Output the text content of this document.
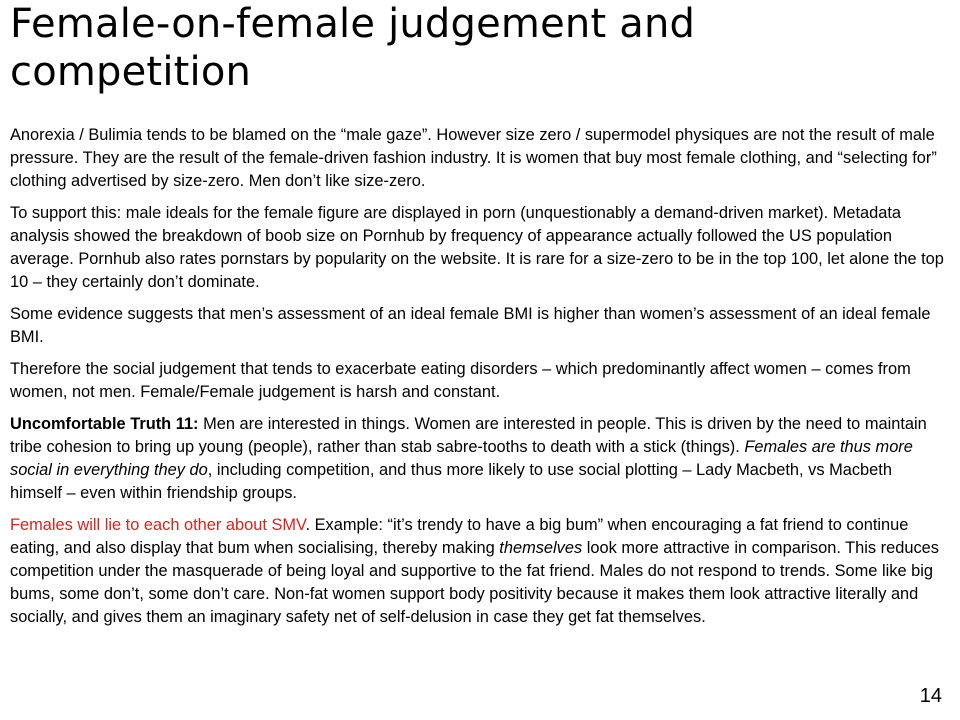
Female-on-female judgement and competition

Anorexia / Bulimia tends to be blamed on the “male gaze”. However size zero / supermodel physiques are not the result of male pressure. They are the result of the female-driven fashion industry. It is women that buy most female clothing, and “selecting for” clothing advertised by size-zero. Men don’t like size-zero.

To support this: male ideals for the female figure are displayed in porn (unquestionably a demand-driven market). Metadata analysis showed the breakdown of boob size on Pornhub by frequency of appearance actually followed the US population average. Pornhub also rates pornstars by popularity on the website. It is rare for a size-zero to be in the top 100, let alone the top 10 – they certainly don’t dominate.

Some evidence suggests that men’s assessment of an ideal female BMI is higher than women’s assessment of an ideal female BMI.

Therefore the social judgement that tends to exacerbate eating disorders – which predominantly affect women – comes from women, not men. Female/Female judgement is harsh and constant.

Uncomfortable Truth 11: Men are interested in things. Women are interested in people. This is driven by the need to maintain tribe cohesion to bring up young (people), rather than stab sabre-tooths to death with a stick (things). Females are thus more social in everything they do, including competition, and thus more likely to use social plotting – Lady Macbeth, vs Macbeth himself – even within friendship groups.

Females will lie to each other about SMV. Example: “it’s trendy to have a big bum” when encouraging a fat friend to continue eating, and also display that bum when socialising, thereby making themselves look more attractive in comparison. This reduces competition under the masquerade of being loyal and supportive to the fat friend. Males do not respond to trends. Some like big bums, some don’t, some don’t care. Non-fat women support body positivity because it makes them look attractive literally and socially, and gives them an imaginary safety net of self-delusion in case they get fat themselves.

14
